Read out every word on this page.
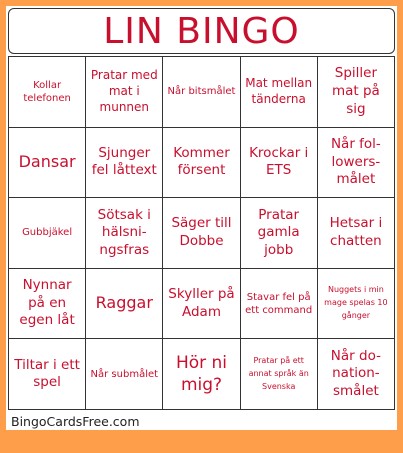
LIN BINGO
Kollar telefonen
Pratar med mat i munnen
Når bitsmålet
Mat mellan tänderna
Spiller mat på sig
Dansar	Sjunger fel låttext
Kommer försent
Krockar i ETS
Når fol-lowers-målet
Gubbjäkel
Sötsak i hälsni-ngsfras
Säger till Dobbe
Pratar gamla jobb
Hetsar i chatten
Nynnar på en egen låt
Raggar	Skyller på Adam
Stavar fel på ett command
Nuggets i min mage spelas 10 gånger
Tiltar i ett spel	Når submålet
Hör ni mig?
Pratar på ett annat språk än Svenska
Når do-nation-smålet
BingoCardsFree.com
